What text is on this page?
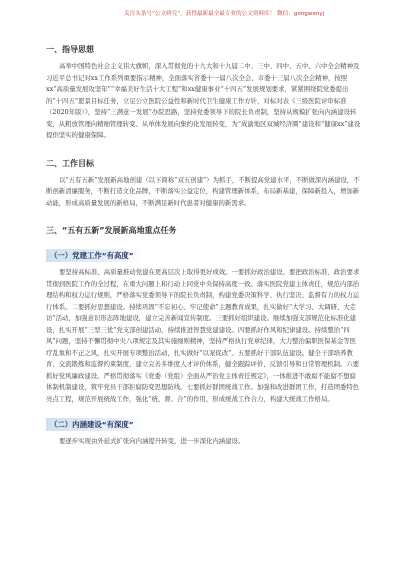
关注头条号“公文研究”，获得最新最全最专业的公文资料库！ 微信：gongwenyj
一、指导思想

高举中国特色社会主义伟大旗帜，深入贯彻党的十九大和十九届二中、三中、四中、五中、六中全会精神及习近平总书记对xx工作系列重要指示精神，全面落实省委十一届八次全会、市委十三届八次全会精神，按照xx“高质量发展攻坚年”“幸福美好生活十大工程”和xx健康事业“十四五”发展规划要求，紧紧围绕院党委提出的“十四五”愿景目标任务，立足公立医院公益性和新时代卫生健康工作方针，对标对表《三级医院评审标准（2020年版）》，坚持“三满意一发展”办院思路，坚持党委领导下的院长负责制，坚持从规模扩张向内涵建设转变，从粗放管理向精细管理转变、从单体发展向集约化发展转变，为“成渝地区双城经济圈”建设和“健康xx”建设提供坚实的健康保障。

二、工作目标

以“五有五新”发展新高地创建（以下简称“双五创建”）为抓手，不断提高党建水平，不断做深内涵建设，不断创新清廉服务，不断打造文化品牌，不断落实公益定位，构建管理新体系，布局新基建，保障新投入，增加新动能，形成高质量发展的新格局，不断满足新时代患者对健康的新需求。

三、“五有五新”发展新高地重点任务
（一）党建工作“有高度”

要坚持高标准、高质量推动党建在更高层次上取得更好成效。一要抓好政治建设。要把政治标准、政治要求贯彻到医院工作的全过程，在重大问题上和行动上同党中央保持高度一致。落实医院党建主体责任，规范内部治理结构和权力运行规则，严格落实党委领导下的院长负责制，构建党委决策科学、执行坚决、监督有力的权力运行体系。二要抓好思想建设。持续巩固“不忘初心、牢记使命”主题教育成果，扎实做好“大学习、大调研、大走访”活动，加强意识形态阵地建设，建立完善新闻宣传制度。三要抓好组织建设。继续加强支部规范化标准化建设，扎实开展“三型三优”党支部创建活动，持续推进智慧党建建设。四要抓好作风和纪律建设。持续整治“四风”问题，坚持不懈贯彻中央八项规定及其实施细则精神，坚持严格执行党章纪律，大力整治偏职医保基金等医疗乱象和不正之风，扎实开展专项整治活动，扎实做好“以案促改”。五要抓好干部队伍建设。健全干部培养教育、交流锻炼和监督约束制度，建立完善多维度人才评价体系，健全跟踪评价、反馈引导和日常管理机制。六要抓好党风廉政建设。严格贯彻落实《党委（党组）全面从严治党主体责任规定》，一体推进不敢腐不能腐不想腐体制机制建设，筑牢党员干部拒腐防变思想防线。七要抓好群团统战工作。加强和改进群团工作，打造团委特色亮点工程，规范开展统战工作，强化“统、督、合”的作用，形成统战工作合力，构建大统战工作格局。

（二）内涵建设“有深度”

要逐步实现由外延式扩张向内涵提升转变，进一步深化内涵建设。
